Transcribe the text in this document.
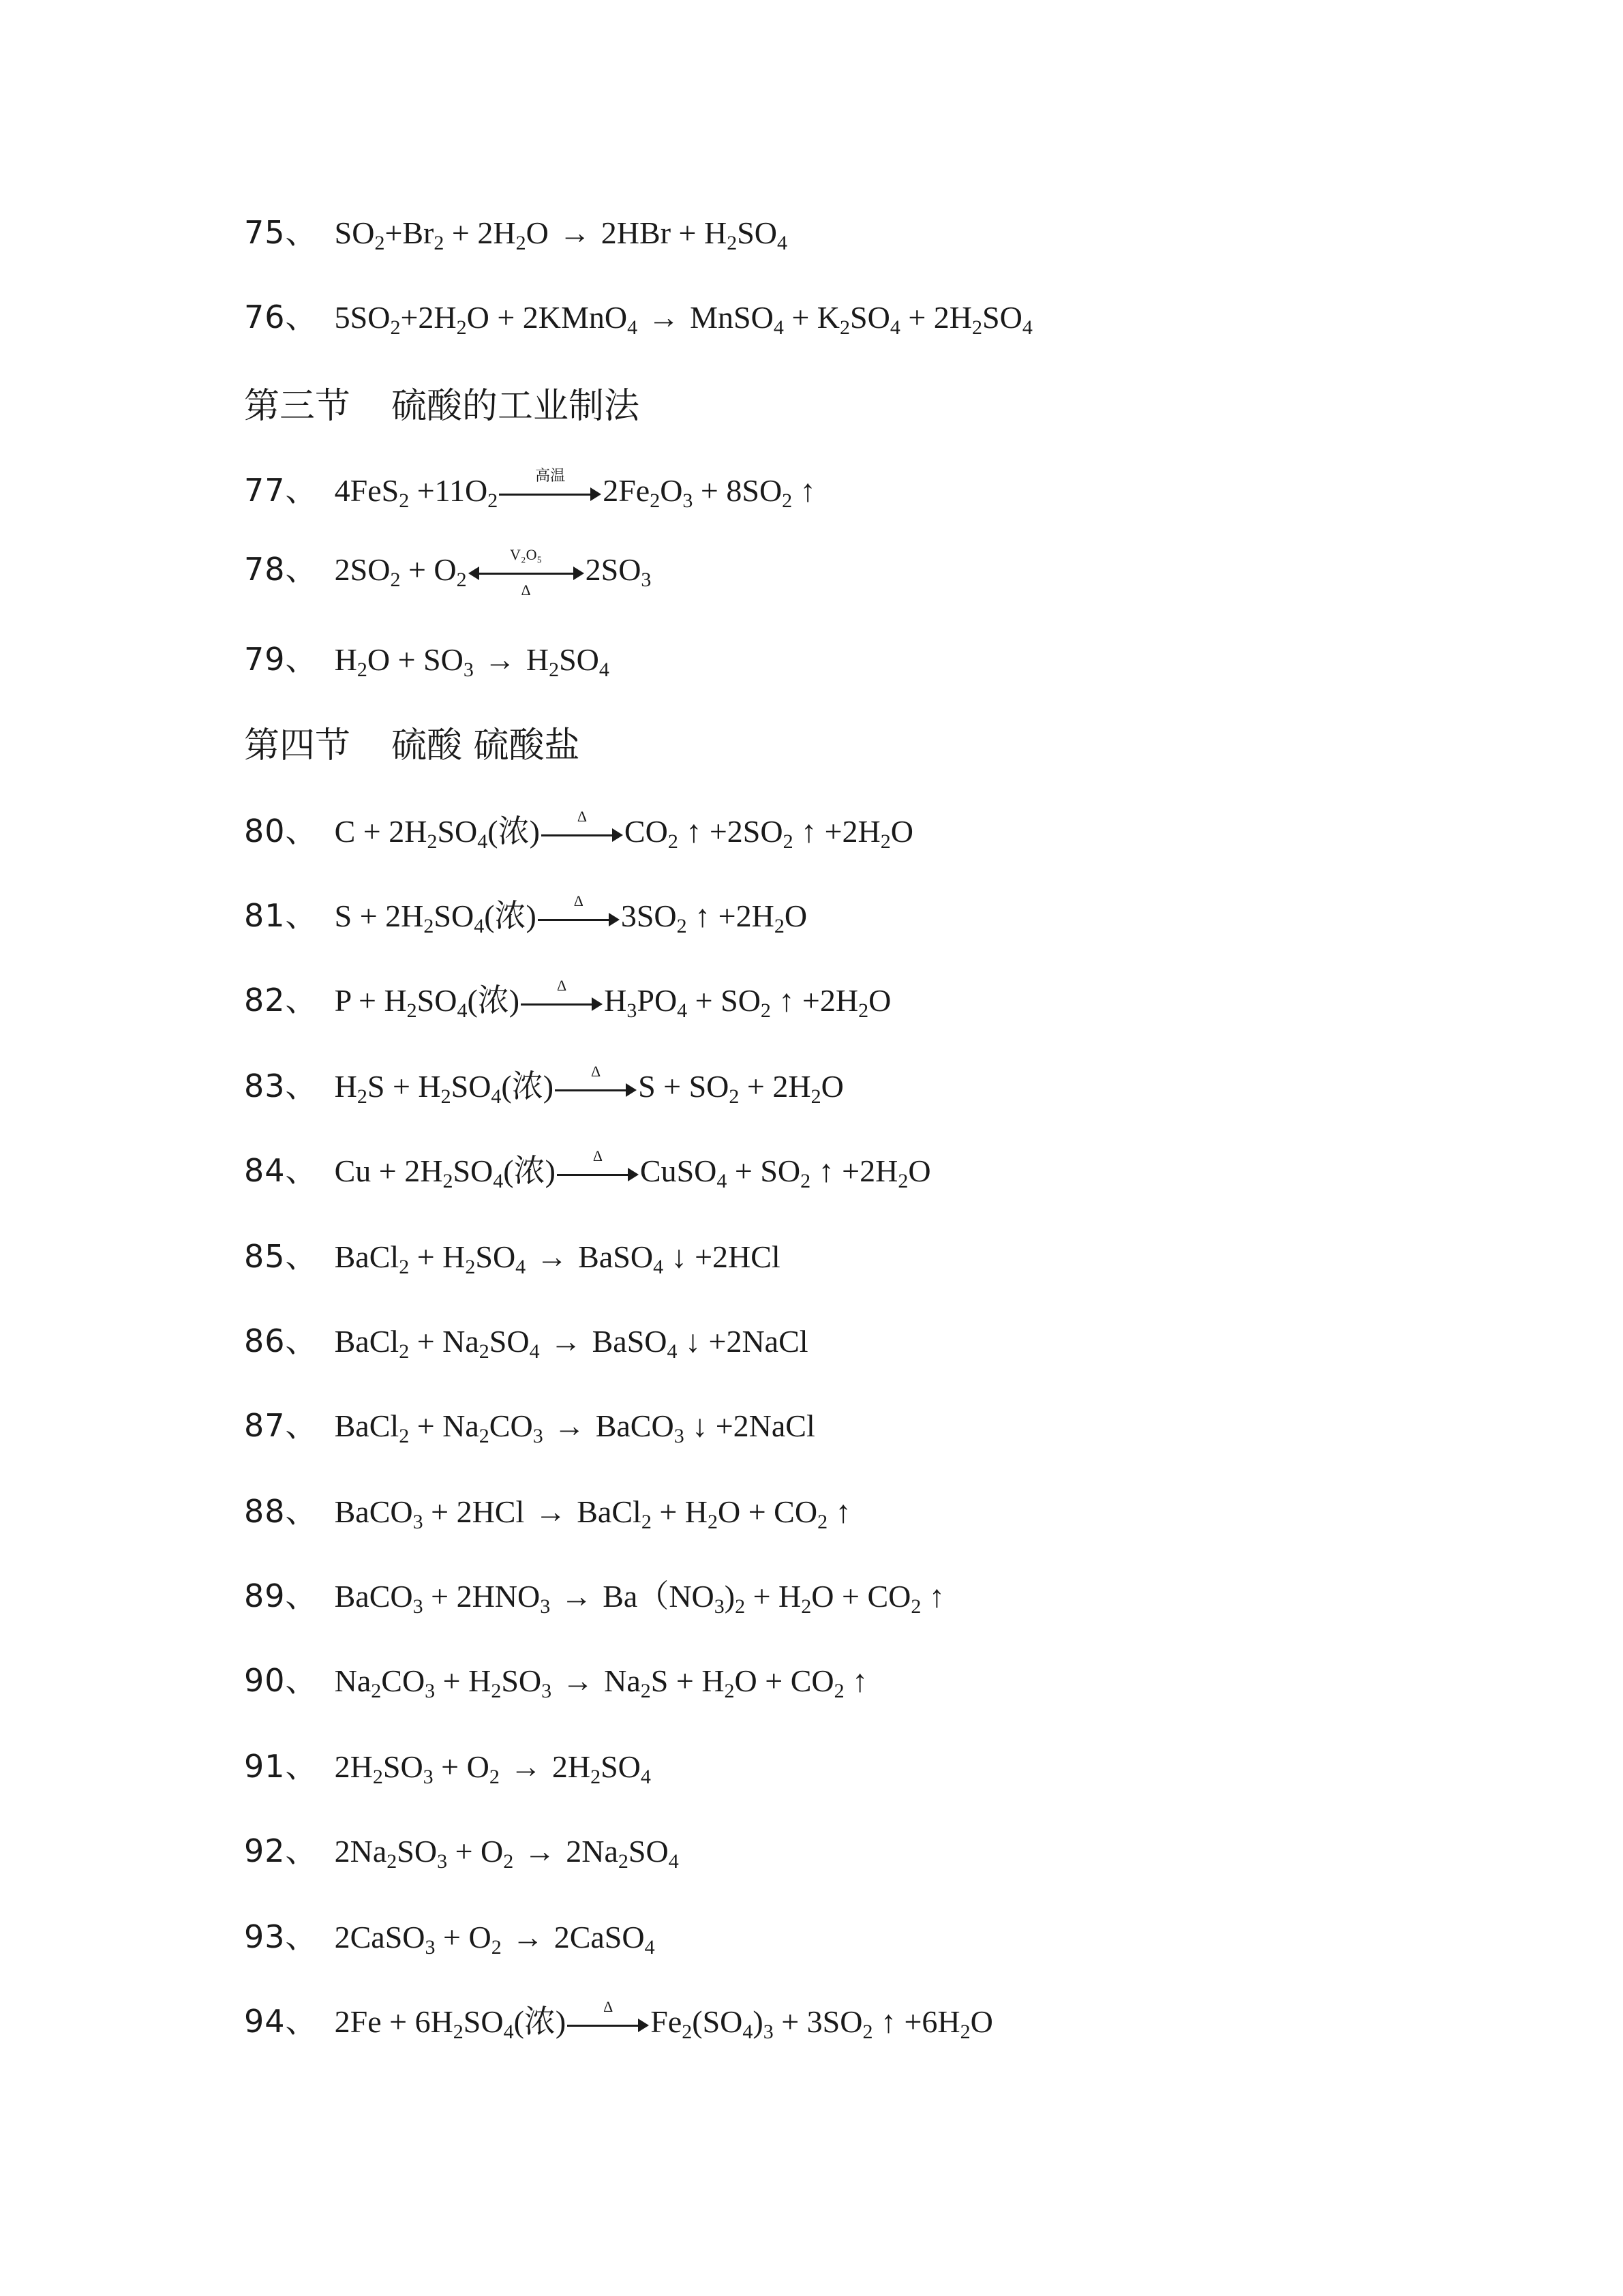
75、 $SO_2+Br_2 + 2H_2O \to 2HBr + H_2SO_4$
76、 $5SO_2+2H_2O$ + 2KMnO$_4$ → MnSO$_4$ + $K_2SO_4 + 2H_2SO_4$
第三节 硫酸的工业制法
77、 $4FeS_2 +11O_2$
高温	$2Fe_2O_3 + 8SO_2$ ↑
78、 $2SO_2 + O_2 \frac{\text{V₂O₅}}{\Delta} 2SO_3$
79、 $H_2O + SO_3 \to H_2SO_4$
第四节 硫酸 硫酸盐
80、 $C + 2H_2SO_4$(浓)	Δ	$CO_2$ ↑ $+2SO_2$ ↑ $+2H_2O$
81、 $S + 2H_2SO_4$(浓)	Δ	$3SO_2$ ↑ $+2H_2O$
82、 $P + H_2SO_4$(浓)	Δ	$H_3PO_4 + SO_2$ ↑ $+2H_2O$
83、 $H_2S + H_2SO_4$(浓)	Δ	$S + SO_2 + 2H_2O$
84、 $Cu + 2H_2SO_4$(浓)	Δ	CuSO$_4$ + $SO_2$ ↑ $+2H_2O$
85、 BaCl$_2$ + $H_2SO_4$ → BaSO$_4$ ↓ +2HCl
86、 BaCl$_2$ + $Na_2SO_4$ → BaSO$_4$ ↓ +2NaCl
87、 BaCl$_2$ + $Na_2CO_3$ → BaCO$_3$ ↓ +2NaCl
88、 BaCO$_3$ + 2HCl → BaCl$_2$ + $H_2O + CO_2$ ↑
89、 BaCO$_3$ + $2HNO_3 \to Ba(NO_3)_2 + H_2O + CO_2$ ↑
90、 $Na_2CO_3 + H_2SO_3 \to Na_2S + H_2O + CO_2$ ↑
91、 $2H_2SO_3 + O_2 \to 2H_2SO_4$
92、 $2Na_2SO_3 + O_2 \to 2Na_2SO_4$
93、 2CaSO$_3$ + $O_2$ → 2CaSO$_4$
94、 $2Fe + 6H_2SO_4$(浓)	Δ	$Fe_2(SO_4)_3 + 3SO_2$ ↑ $+6H_2O$
